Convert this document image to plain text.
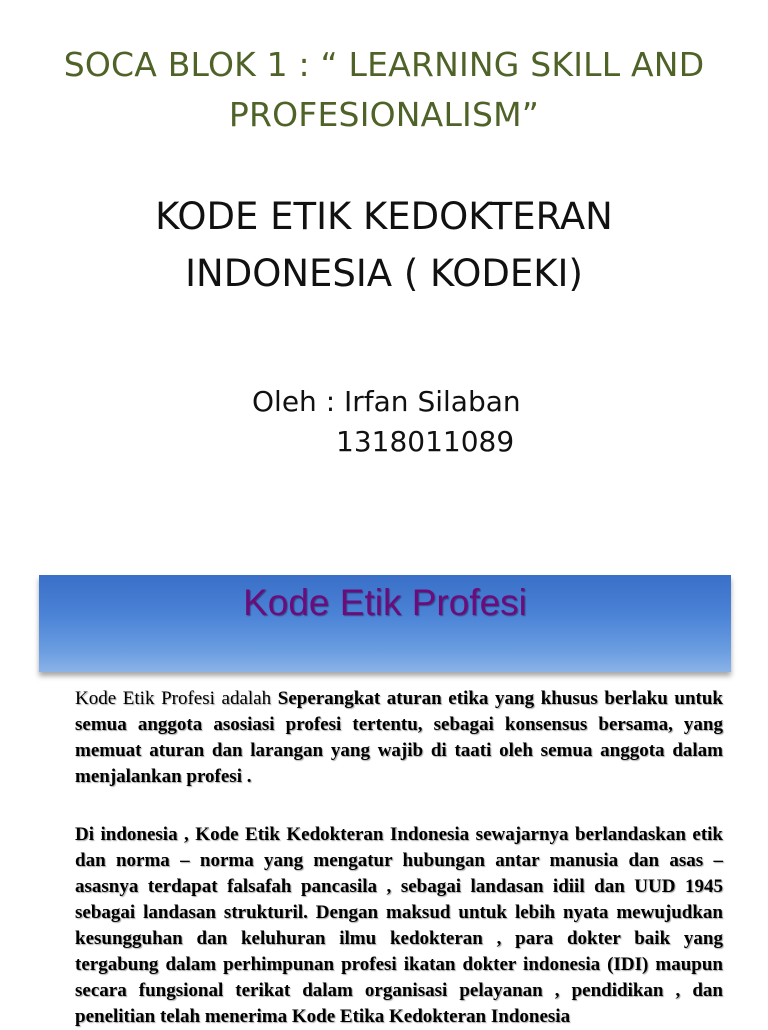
SOCA BLOK 1 : “ LEARNING SKILL AND
PROFESIONALISM”
KODE ETIK KEDOKTERAN
INDONESIA ( KODEKI)
Oleh : Irfan Silaban
1318011089
Kode Etik Profesi
Kode Etik Profesi adalah Seperangkat aturan etika yang khusus berlaku untuk semua anggota asosiasi profesi tertentu, sebagai konsensus bersama, yang memuat aturan dan larangan yang wajib di taati oleh semua anggota dalam menjalankan profesi .
Di indonesia , Kode Etik Kedokteran Indonesia sewajarnya berlandaskan etik dan norma – norma yang mengatur hubungan antar manusia dan asas – asasnya terdapat falsafah pancasila , sebagai landasan idiil dan UUD 1945 sebagai landasan strukturil. Dengan maksud untuk lebih nyata mewujudkan kesungguhan dan keluhuran ilmu kedokteran , para dokter baik yang tergabung dalam perhimpunan profesi ikatan dokter indonesia (IDI) maupun secara fungsional terikat dalam organisasi pelayanan , pendidikan , dan penelitian telah menerima Kode Etika Kedokteran Indonesia
